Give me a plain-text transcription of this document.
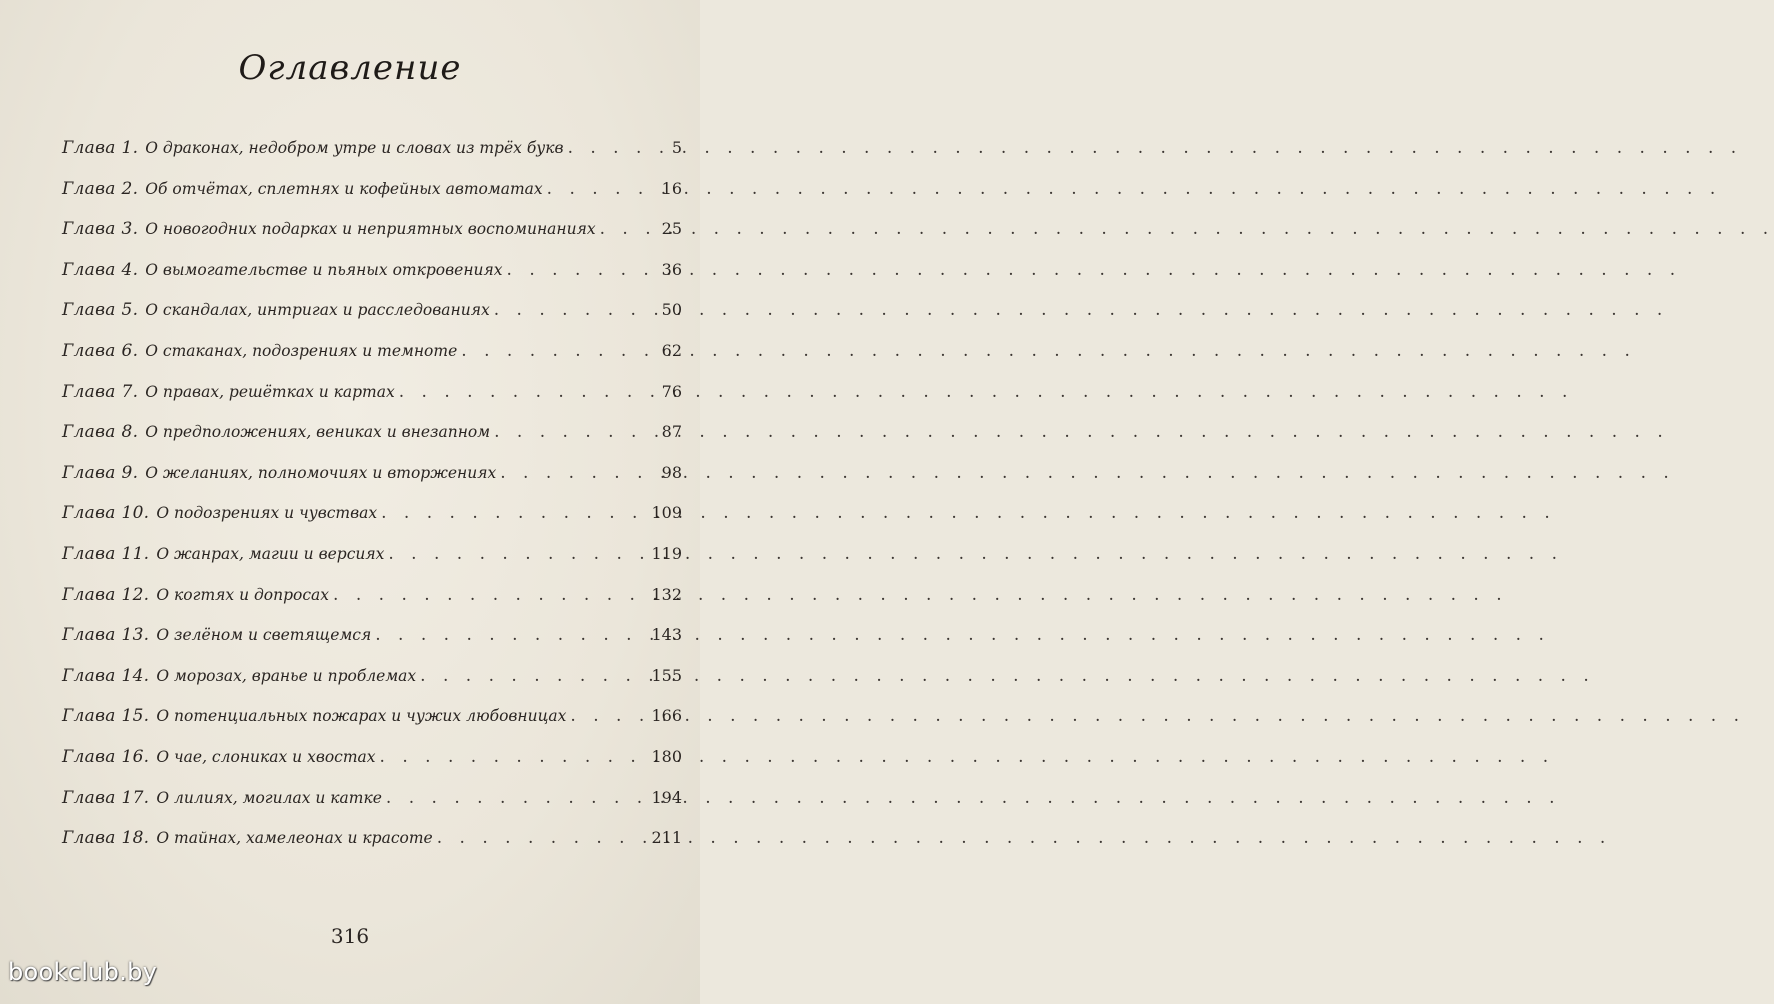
Оглавление
Глава 1. О драконах, недобром утре и словах из трёх букв . . .	5
Глава 2. Об отчётах, сплетнях и кофейных автоматах . . .	16
Глава 3. О новогодних подарках и неприятных воспоминаниях . . .	25
Глава 4. О вымогательстве и пьяных откровениях . . .	36
Глава 5. О скандалах, интригах и расследованиях . . .	50
Глава 6. О стаканах, подозрениях и темноте . . .	62
Глава 7. О правах, решётках и картах . . .	76
Глава 8. О предположениях, вениках и внезапном . . .	87
Глава 9. О желаниях, полномочиях и вторжениях . . .	98
Глава 10. О подозрениях и чувствах . . .	109
Глава 11. О жанрах, магии и версиях . . .	119
Глава 12. О когтях и допросах . . .	132
Глава 13. О зелёном и светящемся . . .	143
Глава 14. О морозах, вранье и проблемах . . .	155
Глава 15. О потенциальных пожарах и чужих любовницах . . .	166
Глава 16. О чае, слониках и хвостах . . .	180
Глава 17. О лилиях, могилах и катке . . .	194
Глава 18. О тайнах, хамелеонах и красоте . . .	211
316
bookclub.by
